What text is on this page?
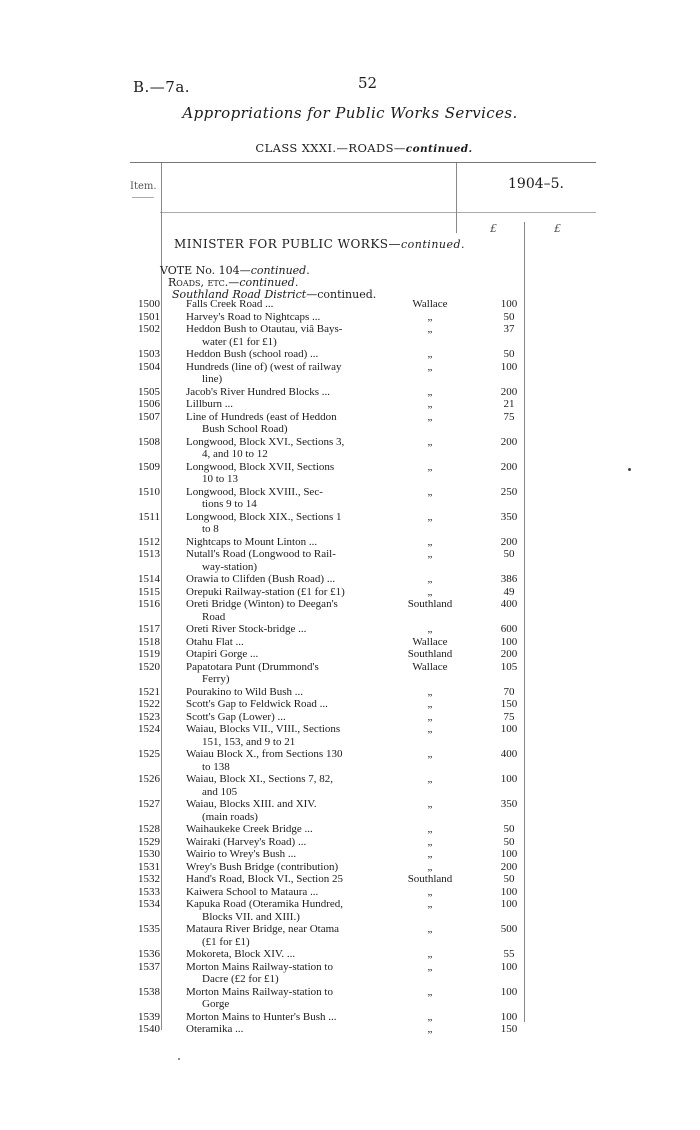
B.—7a.	52
Appropriations for Public Works Services.
CLASS XXXI.—ROADS—continued.
Item.	1904–5.
£	£
MINISTER FOR PUBLIC WORKS—continued.
VOTE No. 104—continued.
Roads, etc.—continued.
Southland Road District—continued.
1500 Falls Creek Road ...	Wallace	100
1501 Harvey's Road to Nightcaps ...	„	50
1502 Heddon Bush to Otautau, viâ Bays-
water (£1 for £1)
„	37
1503 Heddon Bush (school road) ...	„	50
1504 Hundreds (line of) (west of railway
line)
„	100
1505 Jacob's River Hundred Blocks ...	„	200
1506 Lillburn ...	„	21
1507 Line of Hundreds (east of Heddon
Bush School Road)
„	75
1508 Longwood, Block XVI., Sections 3,
4, and 10 to 12
„	200
1509 Longwood, Block XVII, Sections
10 to 13
„	200
1510 Longwood, Block XVIII., Sec-
tions 9 to 14
„	250
1511 Longwood, Block XIX., Sections 1
to 8
„	350
1512 Nightcaps to Mount Linton ...	„	200
1513 Nutall's Road (Longwood to Rail-
way-station)
„	50
1514 Orawia to Clifden (Bush Road) ...	„	386
1515 Orepuki Railway-station (£1 for £1)	„	49
1516 Oreti Bridge (Winton) to Deegan's
Road
Southland	400
1517 Oreti River Stock-bridge ...	„	600
1518 Otahu Flat ...	Wallace	100
1519 Otapiri Gorge ...	Southland	200
1520 Papatotara Punt (Drummond's
Ferry)
Wallace	105
1521 Pourakino to Wild Bush ...	„	70
1522 Scott's Gap to Feldwick Road ...	„	150
1523 Scott's Gap (Lower) ...	„	75
1524 Waiau, Blocks VII., VIII., Sections
151, 153, and 9 to 21
„	100
1525 Waiau Block X., from Sections 130
to 138
„	400
1526 Waiau, Block XI., Sections 7, 82,
and 105
„	100
1527 Waiau, Blocks XIII. and XIV.
(main roads)
„	350
1528 Waihaukeke Creek Bridge ...	„	50
1529 Wairaki (Harvey's Road) ...	„	50
1530 Wairio to Wrey's Bush ...	„	100
1531 Wrey's Bush Bridge (contribution)	„	200
1532 Hand's Road, Block VI., Section 25	Southland	50
1533 Kaiwera School to Mataura ...	„	100
1534 Kapuka Road (Oteramika Hundred,
Blocks VII. and XIII.)
„	100
1535 Mataura River Bridge, near Otama
(£1 for £1)
„	500
1536 Mokoreta, Block XIV. ...	„	55
1537 Morton Mains Railway-station to
Dacre (£2 for £1)
„	100
1538 Morton Mains Railway-station to
Gorge
„	100
1539 Morton Mains to Hunter's Bush ...	„	100
1540 Oteramika ...	„	150
